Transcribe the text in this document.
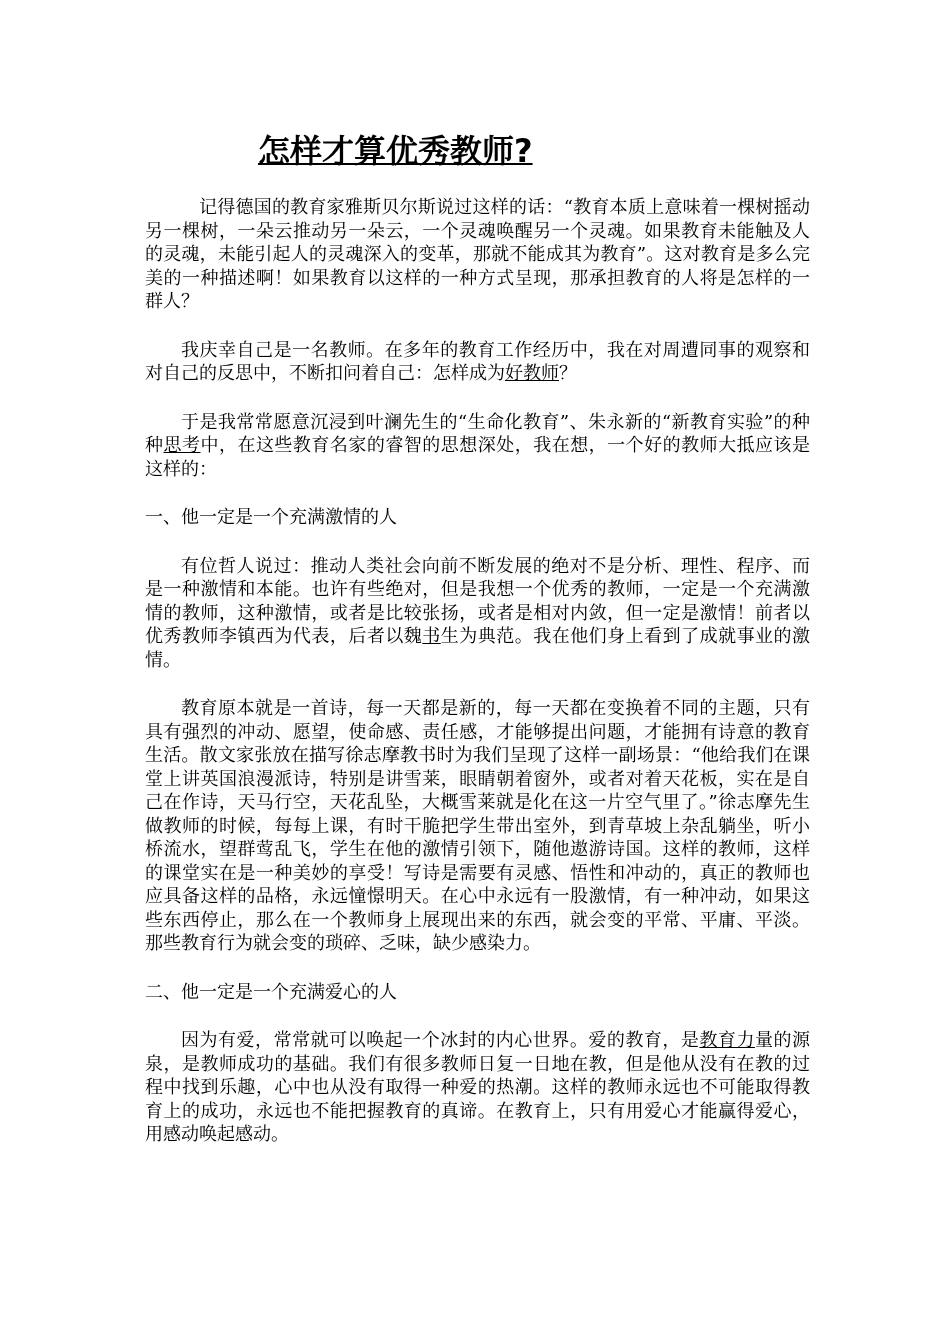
怎样才算优秀教师?

记得德国的教育家雅斯贝尔斯说过这样的话：“教育本质上意味着一棵树摇动另一棵树，一朵云推动另一朵云，一个灵魂唤醒另一个灵魂。如果教育未能触及人的灵魂，未能引起人的灵魂深入的变革，那就不能成其为教育”。这对教育是多么完美的一种描述啊！如果教育以这样的一种方式呈现，那承担教育的人将是怎样的一群人？

我庆幸自己是一名教师。在多年的教育工作经历中，我在对周遭同事的观察和对自己的反思中，不断扣问着自己：怎样成为好教师？

于是我常常愿意沉浸到叶澜先生的“生命化教育”、朱永新的“新教育实验”的种种思考中，在这些教育名家的睿智的思想深处，我在想，一个好的教师大抵应该是这样的：

一、他一定是一个充满激情的人

有位哲人说过：推动人类社会向前不断发展的绝对不是分析、理性、程序、而是一种激情和本能。也许有些绝对，但是我想一个优秀的教师，一定是一个充满激情的教师，这种激情，或者是比较张扬，或者是相对内敛，但一定是激情！前者以优秀教师李镇西为代表，后者以魏书生为典范。我在他们身上看到了成就事业的激情。

教育原本就是一首诗，每一天都是新的，每一天都在变换着不同的主题，只有具有强烈的冲动、愿望，使命感、责任感，才能够提出问题，才能拥有诗意的教育生活。散文家张放在描写徐志摩教书时为我们呈现了这样一副场景：“他给我们在课堂上讲英国浪漫派诗，特别是讲雪莱，眼睛朝着窗外，或者对着天花板，实在是自己在作诗，天马行空，天花乱坠，大概雪莱就是化在这一片空气里了。”徐志摩先生做教师的时候，每每上课，有时干脆把学生带出室外，到青草坡上杂乱躺坐，听小桥流水，望群莺乱飞，学生在他的激情引领下，随他遨游诗国。这样的教师，这样的课堂实在是一种美妙的享受！写诗是需要有灵感、悟性和冲动的，真正的教师也应具备这样的品格，永远憧憬明天。在心中永远有一股激情，有一种冲动，如果这些东西停止，那么在一个教师身上展现出来的东西，就会变的平常、平庸、平淡。那些教育行为就会变的琐碎、乏味，缺少感染力。

二、他一定是一个充满爱心的人

因为有爱，常常就可以唤起一个冰封的内心世界。爱的教育，是教育力量的源泉，是教师成功的基础。我们有很多教师日复一日地在教，但是他从没有在教的过程中找到乐趣，心中也从没有取得一种爱的热潮。这样的教师永远也不可能取得教育上的成功，永远也不能把握教育的真谛。在教育上，只有用爱心才能赢得爱心，用感动唤起感动。
